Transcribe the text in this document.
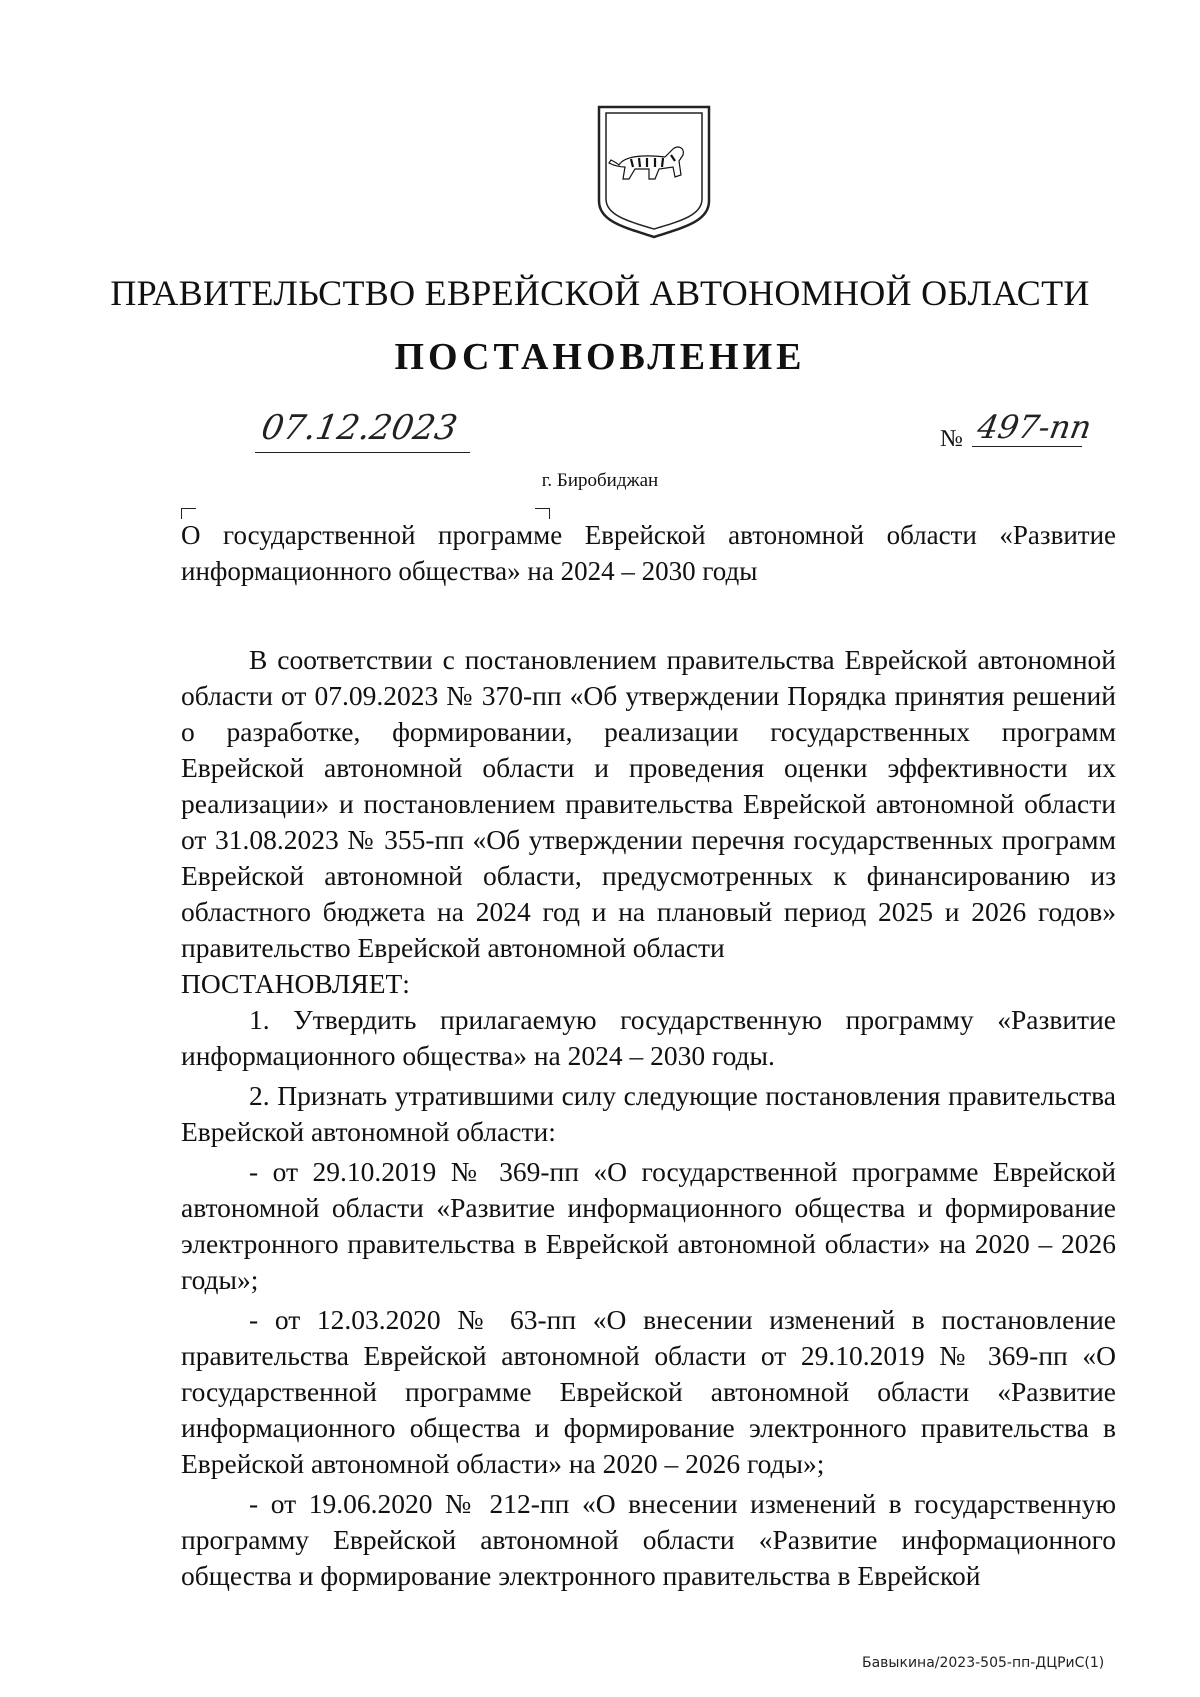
ПРАВИТЕЛЬСТВО ЕВРЕЙСКОЙ АВТОНОМНОЙ ОБЛАСТИ
ПОСТАНОВЛЕНИЕ
07.12.2023	№ 497-пп
г. Биробиджан
О государственной программе Еврейской автономной области «Развитие информационного общества» на 2024 – 2030 годы

В соответствии с постановлением правительства Еврейской автономной области от 07.09.2023 № 370-пп «Об утверждении Порядка принятия решений о разработке, формировании, реализации государственных программ Еврейской автономной области и проведения оценки эффективности их реализации» и постановлением правительства Еврейской автономной области от 31.08.2023 № 355-пп «Об утверждении перечня государственных программ Еврейской автономной области, предусмотренных к финансированию из областного бюджета на 2024 год и на плановый период 2025 и 2026 годов» правительство Еврейской автономной области

ПОСТАНОВЛЯЕТ:

1. Утвердить прилагаемую государственную программу «Развитие информационного общества» на 2024 – 2030 годы.

2. Признать утратившими силу следующие постановления правительства Еврейской автономной области:

- от 29.10.2019 № 369-пп «О государственной программе Еврейской автономной области «Развитие информационного общества и формирование электронного правительства в Еврейской автономной области» на 2020 – 2026 годы»;

- от 12.03.2020 № 63-пп «О внесении изменений в постановление правительства Еврейской автономной области от 29.10.2019 № 369-пп «О государственной программе Еврейской автономной области «Развитие информационного общества и формирование электронного правительства в Еврейской автономной области» на 2020 – 2026 годы»;

- от 19.06.2020 № 212-пп «О внесении изменений в государственную программу Еврейской автономной области «Развитие информационного общества и формирование электронного правительства в Еврейской

Бавыкина/2023-505-пп-ДЦРиС(1)
